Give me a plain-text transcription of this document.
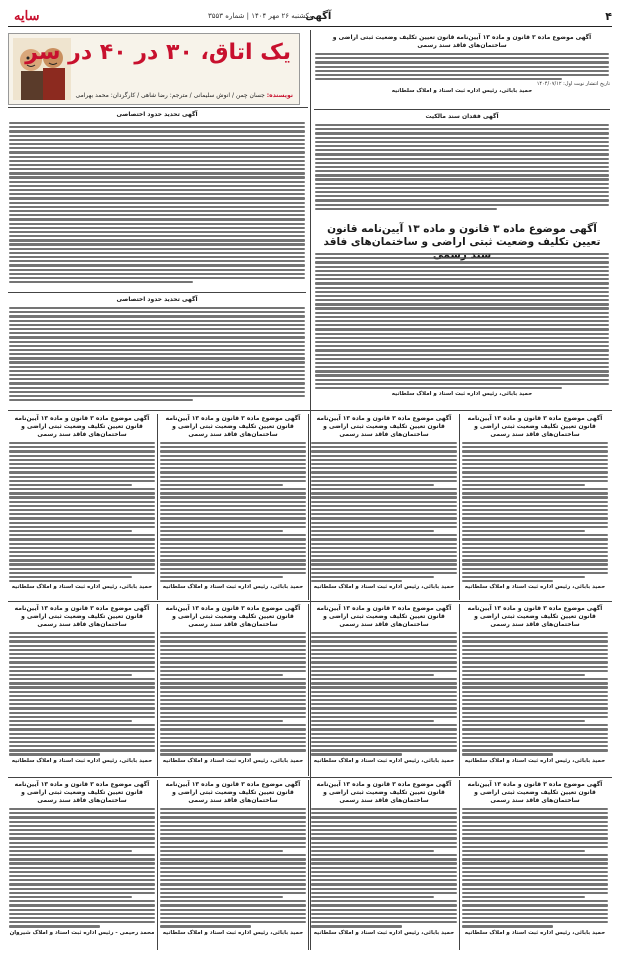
۴
آگهی
یکشنبه ۲۶ مهر ۱۴۰۴ | شماره ۳۵۵۳
سایه
یک اتاق، ۳۰ در ۴۰ در سر
نویسنده: جسان چمن / انوش سلیمانی / مترجم: رضا شاهی / کارگردان: محمد بهرامی
آگهی موضوع ماده ۳ قانون و ماده ۱۳ آیین‌نامه قانون تعیین تکلیف وضعیت ثبتی اراضی و ساختمان‌های فاقد سند رسمی
تاریخ انتشار نوبت اول: ۱۴۰۴/۰۷/۱۲
حمید بابائی، رئیس اداره ثبت اسناد و املاک سلطانیه
آگهی فقدان سند مالکیت
آگهی موضوع ماده ۳ قانون و ماده ۱۳ آیین‌نامه قانون تعیین تکلیف وضعیت ثبتی اراضی و ساختمان‌های فاقد
حمید بابائی، رئیس اداره ثبت اسناد و املاک سلطانیه
آگهی تحدید حدود اختصاصی
آگهی تحدید حدود اختصاصی
آگهی موضوع ماده ۳ قانون و ماده ۱۳ آیین‌نامه قانون تعیین تکلیف وضعیت ثبتی اراضی و ساختمان‌های فاقد سند رسمی
حمید بابائی، رئیس اداره ثبت اسناد و املاک سلطانیه
آگهی موضوع ماده ۳ قانون و ماده ۱۳ آیین‌نامه قانون تعیین تکلیف وضعیت ثبتی اراضی و ساختمان‌های فاقد سند رسمی
حمید بابائی، رئیس اداره ثبت اسناد و املاک سلطانیه
آگهی موضوع ماده ۳ قانون و ماده ۱۳ آیین‌نامه قانون تعیین تکلیف وضعیت ثبتی اراضی و ساختمان‌های فاقد سند رسمی
حمید بابائی، رئیس اداره ثبت اسناد و املاک سلطانیه
آگهی موضوع ماده ۳ قانون و ماده ۱۳ آیین‌نامه قانون تعیین تکلیف وضعیت ثبتی اراضی و ساختمان‌های فاقد سند رسمی
حمید بابائی، رئیس اداره ثبت اسناد و املاک سلطانیه
آگهی موضوع ماده ۳ قانون و ماده ۱۳ آیین‌نامه قانون تعیین تکلیف وضعیت ثبتی اراضی و ساختمان‌های فاقد سند رسمی
حمید بابائی، رئیس اداره ثبت اسناد و املاک سلطانیه
آگهی موضوع ماده ۳ قانون و ماده ۱۳ آیین‌نامه قانون تعیین تکلیف وضعیت ثبتی اراضی و ساختمان‌های فاقد سند رسمی
حمید بابائی، رئیس اداره ثبت اسناد و املاک سلطانیه
آگهی موضوع ماده ۳ قانون و ماده ۱۳ آیین‌نامه قانون تعیین تکلیف وضعیت ثبتی اراضی و ساختمان‌های فاقد سند رسمی
حمید بابائی، رئیس اداره ثبت اسناد و املاک سلطانیه
آگهی موضوع ماده ۳ قانون و ماده ۱۳ آیین‌نامه قانون تعیین تکلیف وضعیت ثبتی اراضی و ساختمان‌های فاقد سند رسمی
حمید بابائی، رئیس اداره ثبت اسناد و املاک سلطانیه
آگهی موضوع ماده ۳ قانون و ماده ۱۳ آیین‌نامه قانون تعیین تکلیف وضعیت ثبتی اراضی و ساختمان‌های فاقد سند رسمی
حمید بابائی، رئیس اداره ثبت اسناد و املاک سلطانیه
آگهی موضوع ماده ۳ قانون و ماده ۱۳ آیین‌نامه قانون تعیین تکلیف وضعیت ثبتی اراضی و ساختمان‌های فاقد سند رسمی
حمید بابائی، رئیس اداره ثبت اسناد و املاک سلطانیه
آگهی موضوع ماده ۳ قانون و ماده ۱۳ آیین‌نامه قانون تعیین تکلیف وضعیت ثبتی اراضی و ساختمان‌های فاقد سند رسمی
حمید بابائی، رئیس اداره ثبت اسناد و املاک سلطانیه
آگهی موضوع ماده ۳ قانون و ماده ۱۳ آیین‌نامه قانون تعیین تکلیف وضعیت ثبتی اراضی و ساختمان‌های فاقد سند رسمی
محمد رحیمی - رئیس اداره ثبت اسناد و املاک شیروان
